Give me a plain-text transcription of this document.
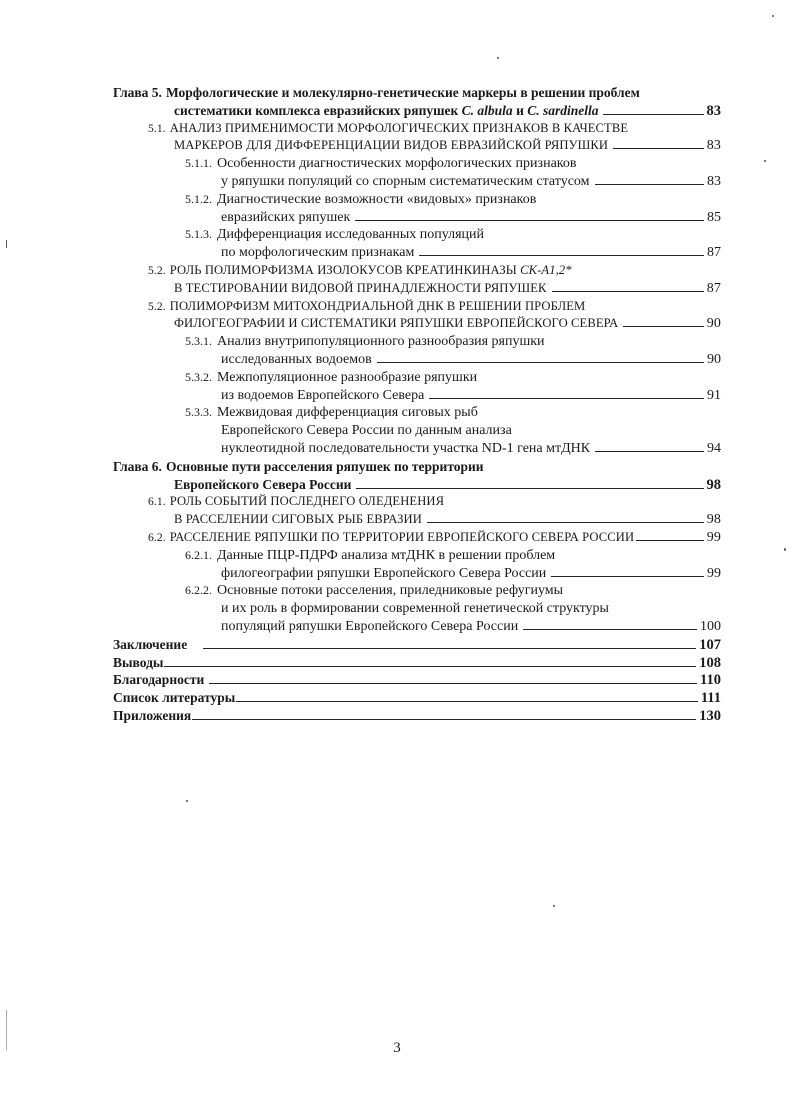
Глава 5. Морфологические и молекулярно-генетические маркеры в решении проблем
систематики комплекса евразийских ряпушек C. albula и C. sardinella	83
5.1. АНАЛИЗ ПРИМЕНИМОСТИ МОРФОЛОГИЧЕСКИХ ПРИЗНАКОВ В КАЧЕСТВЕ
МАРКЕРОВ ДЛЯ ДИФФЕРЕНЦИАЦИИ ВИДОВ ЕВРАЗИЙСКОЙ РЯПУШКИ	83
5.1.1. Особенности диагностических морфологических признаков
у ряпушки популяций со спорным систематическим статусом	83
5.1.2. Диагностические возможности «видовых» признаков
евразийских ряпушек	85
5.1.3. Дифференциация исследованных популяций
по морфологическим признакам	87
5.2. РОЛЬ ПОЛИМОРФИЗМА ИЗОЛОКУСОВ КРЕАТИНКИНАЗЫ CK-A1,2*
В ТЕСТИРОВАНИИ ВИДОВОЙ ПРИНАДЛЕЖНОСТИ РЯПУШЕК	87
5.2. ПОЛИМОРФИЗМ МИТОХОНДРИАЛЬНОЙ ДНК В РЕШЕНИИ ПРОБЛЕМ
ФИЛОГЕОГРАФИИ И СИСТЕМАТИКИ РЯПУШКИ ЕВРОПЕЙСКОГО СЕВЕРА	90
5.3.1. Анализ внутрипопуляционного разнообразия ряпушки
исследованных водоемов	90
5.3.2. Межпопуляционное разнообразие ряпушки
из водоемов Европейского Севера	91
5.3.3. Межвидовая дифференциация сиговых рыб
Европейского Севера России по данным анализа
нуклеотидной последовательности участка ND-1 гена мтДНК	94
Глава 6. Основные пути расселения ряпушек по территории
Европейского Севера России	98
6.1. РОЛЬ СОБЫТИЙ ПОСЛЕДНЕГО ОЛЕДЕНЕНИЯ
В РАССЕЛЕНИИ СИГОВЫХ РЫБ ЕВРАЗИИ	98
6.2. РАССЕЛЕНИЕ РЯПУШКИ ПО ТЕРРИТОРИИ ЕВРОПЕЙСКОГО СЕВЕРА РОССИИ	99
6.2.1. Данные ПЦР-ПДРФ анализа мтДНК в решении проблем
филогеографии ряпушки Европейского Севера России	99
6.2.2. Основные потоки расселения, приледниковые рефугиумы
и их роль в формировании современной генетической структуры
популяций ряпушки Европейского Севера России	100
Заключение	107
Выводы	108
Благодарности	110
Список литературы	111
Приложения	130
3
